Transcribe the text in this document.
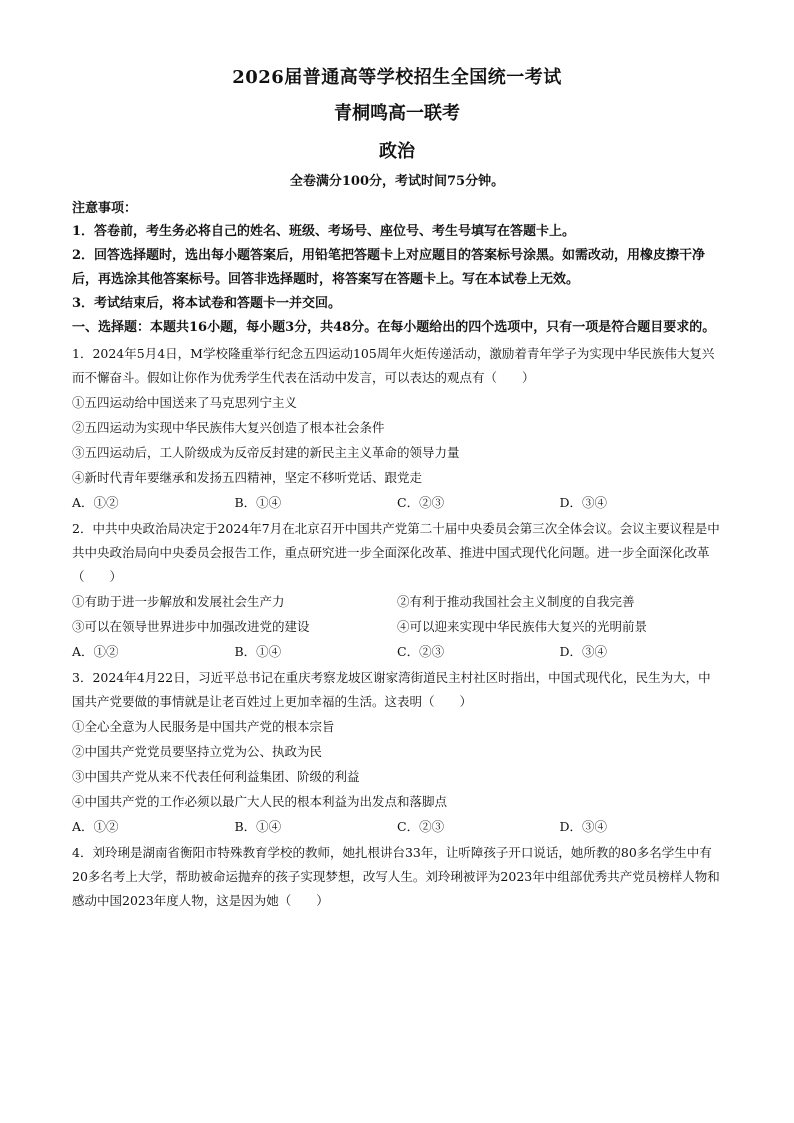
2026届普通高等学校招生全国统一考试
青桐鸣高一联考
政治
全卷满分100分，考试时间75分钟。
注意事项：

1．答卷前，考生务必将自己的姓名、班级、考场号、座位号、考生号填写在答题卡上。

2．回答选择题时，选出每小题答案后，用铅笔把答题卡上对应题目的答案标号涂黑。如需改动，用橡皮擦干净后，再选涂其他答案标号。回答非选择题时，将答案写在答题卡上。写在本试卷上无效。

3．考试结束后，将本试卷和答题卡一并交回。

一、选择题：本题共16小题，每小题3分，共48分。在每小题给出的四个选项中，只有一项是符合题目要求的。

1．2024年5月4日，M学校隆重举行纪念五四运动105周年火炬传递活动，激励着青年学子为实现中华民族伟大复兴而不懈奋斗。假如让你作为优秀学生代表在活动中发言，可以表达的观点有（　　）

①五四运动给中国送来了马克思列宁主义

②五四运动为实现中华民族伟大复兴创造了根本社会条件

③五四运动后，工人阶级成为反帝反封建的新民主主义革命的领导力量

④新时代青年要继承和发扬五四精神，坚定不移听党话、跟党走

A．①②	B．①④	C．②③	D．③④

2．中共中央政治局决定于2024年7月在北京召开中国共产党第二十届中央委员会第三次全体会议。会议主要议程是中共中央政治局向中央委员会报告工作，重点研究进一步全面深化改革、推进中国式现代化问题。进一步全面深化改革（　　）

①有助于进一步解放和发展社会生产力	②有利于推动我国社会主义制度的自我完善
③可以在领导世界进步中加强改进党的建设	④可以迎来实现中华民族伟大复兴的光明前景
A．①②	B．①④	C．②③	D．③④

3．2024年4月22日，习近平总书记在重庆考察龙坡区谢家湾街道民主村社区时指出，中国式现代化，民生为大，中国共产党要做的事情就是让老百姓过上更加幸福的生活。这表明（　　）

①全心全意为人民服务是中国共产党的根本宗旨

②中国共产党党员要坚持立党为公、执政为民

③中国共产党从来不代表任何利益集团、阶级的利益

④中国共产党的工作必须以最广大人民的根本利益为出发点和落脚点

A．①②	B．①④	C．②③	D．③④

4．刘玲琍是湖南省衡阳市特殊教育学校的教师，她扎根讲台33年，让听障孩子开口说话，她所教的80多名学生中有20多名考上大学，帮助被命运抛弃的孩子实现梦想，改写人生。刘玲琍被评为2023年中组部优秀共产党员榜样人物和感动中国2023年度人物，这是因为她（　　）
